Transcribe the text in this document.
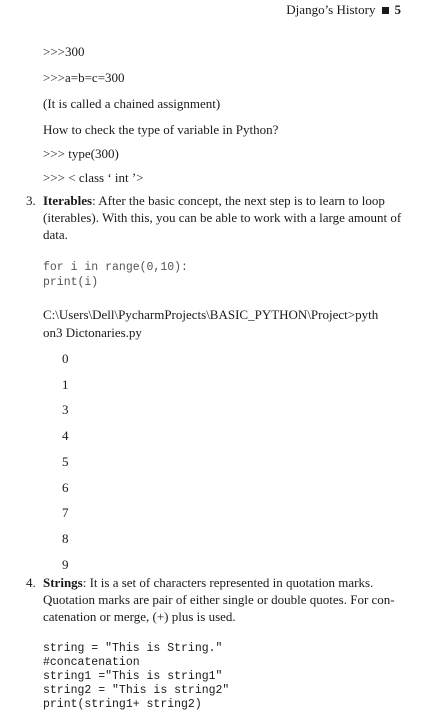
Django’s History 5
>>>300
>>>a=b=c=300
(It is called a chained assignment)
How to check the type of variable in Python?
>>> type(300)
>>> < class ‘ int ’>
3. Iterables: After the basic concept, the next step is to learn to loop
(iterables). With this, you can be able to work with a large amount of
data.
for i in range(0,10):
print(i)
C:\Users\Dell\PycharmProjects\BASIC_PYTHON\Project>pyth
on3 Dictonaries.py
0
1
3
4
5
6
7
8
9
4. Strings: It is a set of characters represented in quotation marks.
Quotation marks are pair of either single or double quotes. For con-
catenation or merge, (+) plus is used.
string = "This is String."
#concatenation
string1 ="This is string1"
string2 = "This is string2"
print(string1+ string2)
